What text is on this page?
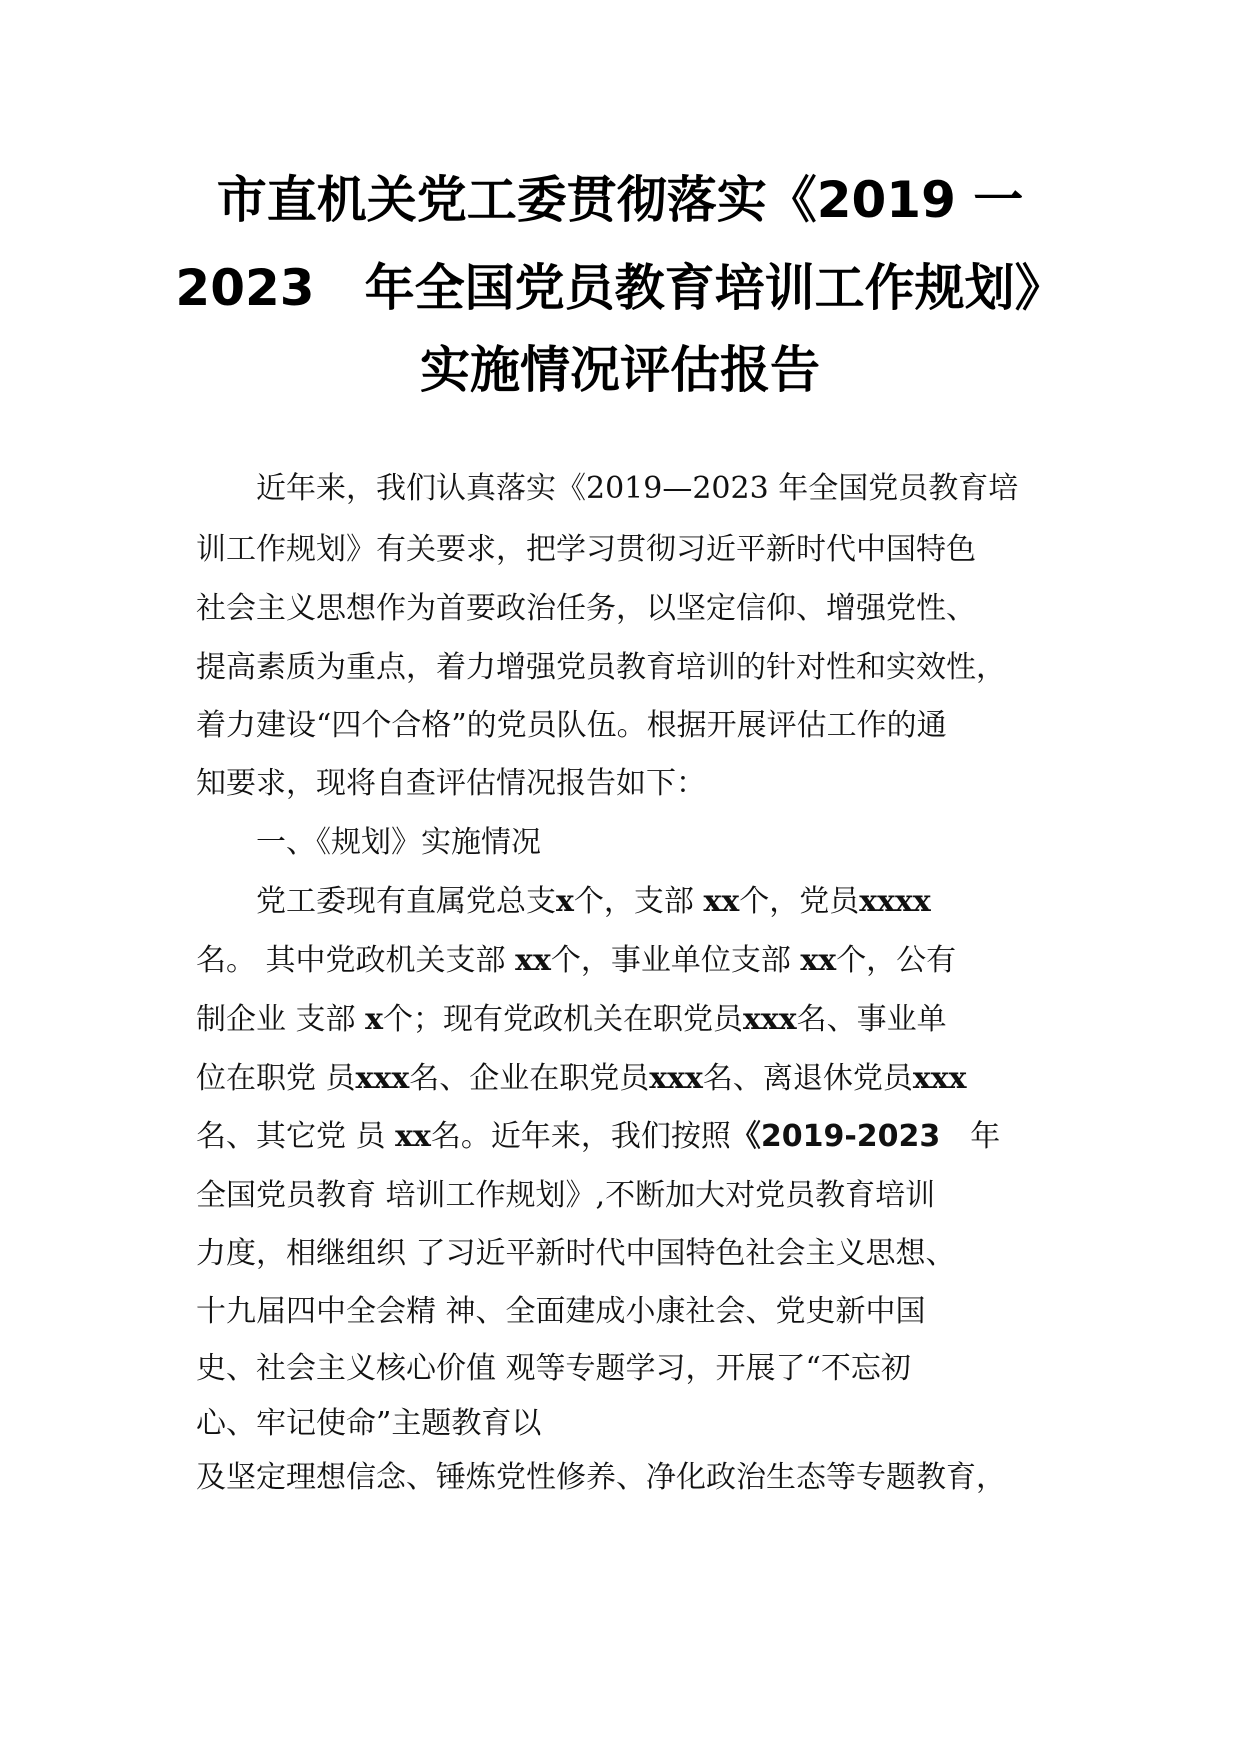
市直机关党工委贯彻落实《2019 一
2023　年全国党员教育培训工作规划》
实施情况评估报告
　　近年来，我们认真落实《2019—2023 年全国党员教育培
训工作规划》有关要求，把学习贯彻习近平新时代中国特色
社会主义思想作为首要政治任务，以坚定信仰、增强党性、
提高素质为重点，着力增强党员教育培训的针对性和实效性，
着力建设“四个合格”的党员队伍。根据开展评估工作的通
知要求，现将自查评估情况报告如下：
　　一、《规划》实施情况
　　党工委现有直属党总支x个，支部 xx个，党员xxxx
名。 其中党政机关支部 xx个，事业单位支部 xx个，公有
制企业 支部 x个；现有党政机关在职党员xxx名、事业单
位在职党 员xxx名、企业在职党员xxx名、离退休党员xxx
名、其它党 员 xx名。近年来，我们按照《2019-2023　年
全国党员教育 培训工作规划》,不断加大对党员教育培训
力度，相继组织 了习近平新时代中国特色社会主义思想、
十九届四中全会精 神、全面建成小康社会、党史新中国
史、社会主义核心价值 观等专题学习，开展了“不忘初
心、牢记使命”主题教育以
及坚定理想信念、锤炼党性修养、净化政治生态等专题教育，
